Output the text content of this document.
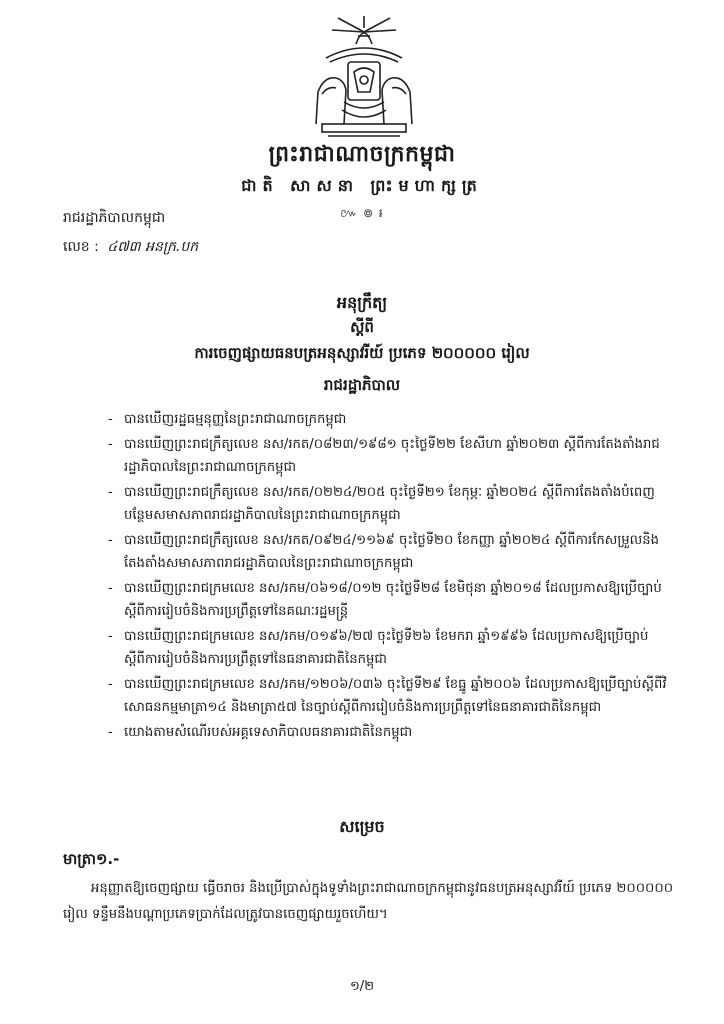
ព្រះរាជាណាចក្រកម្ពុជា
ជាតិ សាសនា ព្រះមហាក្សត្រ
៚ ៙ ៛
រាជរដ្ឋាភិបាលកម្ពុជា
លេខ : ៤៧៣ អនក្រ.បក
អនុក្រឹត្យ
ស្ដីពី
ការចេញផ្សាយធនបត្រអនុស្សាវរីយ៍ ប្រភេទ ២០០០០០ រៀល
រាជរដ្ឋាភិបាល
- បានឃើញរដ្ឋធម្មនុញ្ញនៃព្រះរាជាណាចក្រកម្ពុជា
- បានឃើញព្រះរាជក្រឹត្យលេខ នស/រកត/០៨២៣/១៩៨១ ចុះថ្ងៃទី២២ ខែសីហា ឆ្នាំ២០២៣ ស្ដីពីការតែងតាំងរាជរដ្ឋាភិបាលនៃព្រះរាជាណាចក្រកម្ពុជា
- បានឃើញព្រះរាជក្រឹត្យលេខ នស/រកត/០២២៤/២០៥ ចុះថ្ងៃទី២១ ខែកុម្ភៈ ឆ្នាំ២០២៤ ស្ដីពីការតែងតាំងបំពេញបន្ថែមសមាសភាពរាជរដ្ឋាភិបាលនៃព្រះរាជាណាចក្រកម្ពុជា
- បានឃើញព្រះរាជក្រឹត្យលេខ នស/រកត/០៩២៤/១១៦៩ ចុះថ្ងៃទី២០ ខែកញ្ញា ឆ្នាំ២០២៤ ស្ដីពីការកែសម្រួលនិងតែងតាំងសមាសភាពរាជរដ្ឋាភិបាលនៃព្រះរាជាណាចក្រកម្ពុជា
- បានឃើញព្រះរាជក្រមលេខ នស/រកម/០៦១៨/០១២ ចុះថ្ងៃទី២៨ ខែមិថុនា ឆ្នាំ២០១៨ ដែលប្រកាសឱ្យប្រើច្បាប់ស្ដីពីការរៀបចំនិងការប្រព្រឹត្តទៅនៃគណៈរដ្ឋមន្ត្រី
- បានឃើញព្រះរាជក្រមលេខ នស/រកម/០១៩៦/២៧ ចុះថ្ងៃទី២៦ ខែមករា ឆ្នាំ១៩៩៦ ដែលប្រកាសឱ្យប្រើច្បាប់ស្ដីពីការរៀបចំនិងការប្រព្រឹត្តទៅនៃធនាគារជាតិនៃកម្ពុជា
- បានឃើញព្រះរាជក្រមលេខ នស/រកម/១២០៦/០៣៦ ចុះថ្ងៃទី២៩ ខែធ្នូ ឆ្នាំ២០០៦ ដែលប្រកាសឱ្យប្រើច្បាប់ស្ដីពីវិសោធនកម្មមាត្រា១៤ និងមាត្រា៥៧ នៃច្បាប់ស្ដីពីការរៀបចំនិងការប្រព្រឹត្តទៅនៃធនាគារជាតិនៃកម្ពុជា
- យោងតាមសំណើរបស់អគ្គទេសាភិបាលធនាគារជាតិនៃកម្ពុជា
សម្រេច
មាត្រា១.-
អនុញ្ញាតឱ្យចេញផ្សាយ ធ្វើចរាចរ និងប្រើប្រាស់ក្នុងទូទាំងព្រះរាជាណាចក្រកម្ពុជានូវធនបត្រអនុស្សាវរីយ៍ ប្រភេទ ២០០០០០ រៀល ទន្ទឹមនឹងបណ្ដាប្រភេទប្រាក់ដែលត្រូវបានចេញផ្សាយរួចហើយ។
១/២
